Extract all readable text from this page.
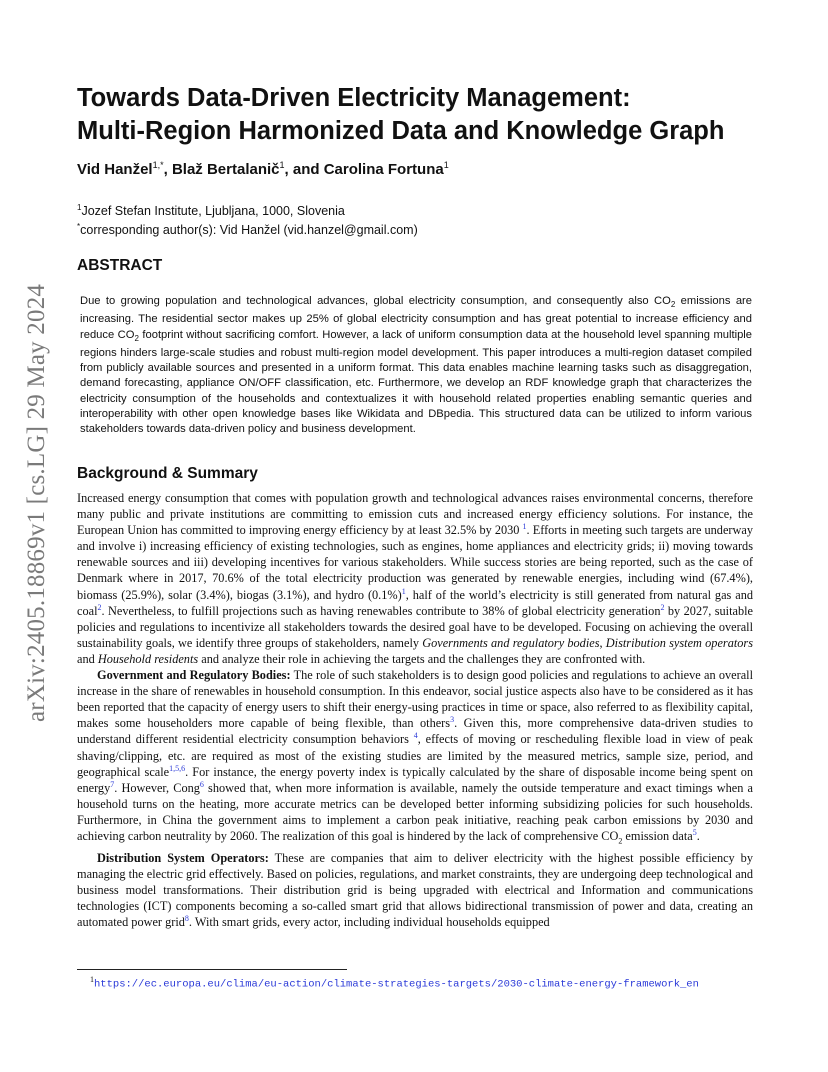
arXiv:2405.18869v1 [cs.LG] 29 May 2024
Towards Data-Driven Electricity Management:
Multi-Region Harmonized Data and Knowledge Graph
Vid Hanžel$^{1,*}$, Blaž Bertalanič$^1$, and Carolina Fortuna$^1$
$^1$Jozef Stefan Institute, Ljubljana, 1000, Slovenia
*corresponding author(s): Vid Hanžel (vid.hanzel@gmail.com)
ABSTRACT

Due to growing population and technological advances, global electricity consumption, and consequently also $CO_2$ emissions are increasing. The residential sector makes up 25% of global electricity consumption and has great potential to increase efficiency and reduce $CO_2$ footprint without sacrificing comfort. However, a lack of uniform consumption data at the household level spanning multiple regions hinders large-scale studies and robust multi-region model development. This paper introduces a multi-region dataset compiled from publicly available sources and presented in a uniform format. This data enables machine learning tasks such as disaggregation, demand forecasting, appliance ON/OFF classification, etc. Furthermore, we develop an RDF knowledge graph that characterizes the electricity consumption of the households and contextualizes it with household related properties enabling semantic queries and interoperability with other open knowledge bases like Wikidata and DBpedia. This structured data can be utilized to inform various stakeholders towards data-driven policy and business development.

Background & Summary

Increased energy consumption that comes with population growth and technological advances raises environmental concerns, therefore many public and private institutions are committing to emission cuts and increased energy efficiency solutions. For instance, the European Union has committed to improving energy efficiency by at least 32.5% by 2030 $^1$. Efforts in meeting such targets are underway and involve i) increasing efficiency of existing technologies, such as engines, home appliances and electricity grids; ii) moving towards renewable sources and iii) developing incentives for various stakeholders. While success stories are being reported, such as the case of Denmark where in 2017, 70.6% of the total electricity production was generated by renewable energies, including wind (67.4%), biomass (25.9%), solar (3.4%), biogas (3.1%), and hydro (0.1%)$^1$, half of the world’s electricity is still generated from natural gas and coal$^2$. Nevertheless, to fulfill projections such as having renewables contribute to 38% of global electricity generation$^2$ by 2027, suitable policies and regulations to incentivize all stakeholders towards the desired goal have to be developed. Focusing on achieving the overall sustainability goals, we identify three groups of stakeholders, namely Governments and regulatory bodies, Distribution system operators and Household residents and analyze their role in achieving the targets and the challenges they are confronted with.

Government and Regulatory Bodies: The role of such stakeholders is to design good policies and regulations to achieve an overall increase in the share of renewables in household consumption. In this endeavor, social justice aspects also have to be considered as it has been reported that the capacity of energy users to shift their energy-using practices in time or space, also referred to as flexibility capital, makes some householders more capable of being flexible, than others$^3$. Given this, more comprehensive data-driven studies to understand different residential electricity consumption behaviors $^4$, effects of moving or rescheduling flexible load in view of peak shaving/clipping, etc. are required as most of the existing studies are limited by the measured metrics, sample size, period, and geographical scale$^{1,5,6}$. For instance, the energy poverty index is typically calculated by the share of disposable income being spent on energy$^7$. However, Cong$^6$ showed that, when more information is available, namely the outside temperature and exact timings when a household turns on the heating, more accurate metrics can be developed better informing subsidizing policies for such households. Furthermore, in China the government aims to implement a carbon peak initiative, reaching peak carbon emissions by 2030 and achieving carbon neutrality by 2060. The realization of this goal is hindered by the lack of comprehensive $CO_2$ emission data$^5$.

Distribution System Operators: These are companies that aim to deliver electricity with the highest possible efficiency by managing the electric grid effectively. Based on policies, regulations, and market constraints, they are undergoing deep technological and business model transformations. Their distribution grid is being upgraded with electrical and Information and communications technologies (ICT) components becoming a so-called smart grid that allows bidirectional transmission of power and data, creating an automated power grid$^8$. With smart grids, every actor, including individual households equipped

$^1$https://ec.europa.eu/clima/eu-action/climate-strategies-targets/2030-climate-energy-framework_en
